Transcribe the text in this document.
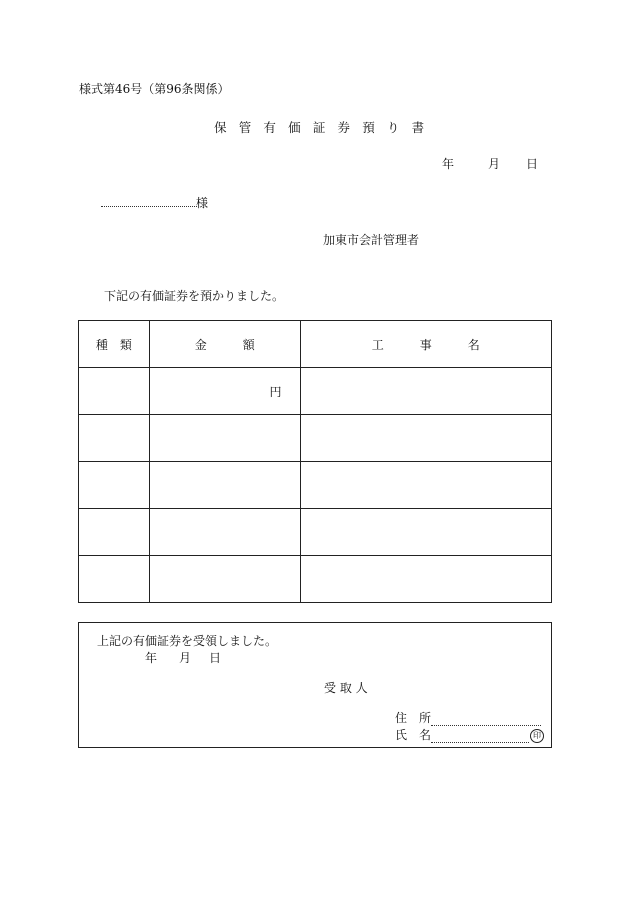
様式第46号（第96条関係）
保 管 有 価 証 券 預 り 書
年	月 日
様
加東市会計管理者
下記の有価証券を預かりました。
種　類	金　　　額	工　　　事　　　名
	円	

上記の有価証券を受領しました。
年 月 日
受 取 人
住　所
氏　名	印
